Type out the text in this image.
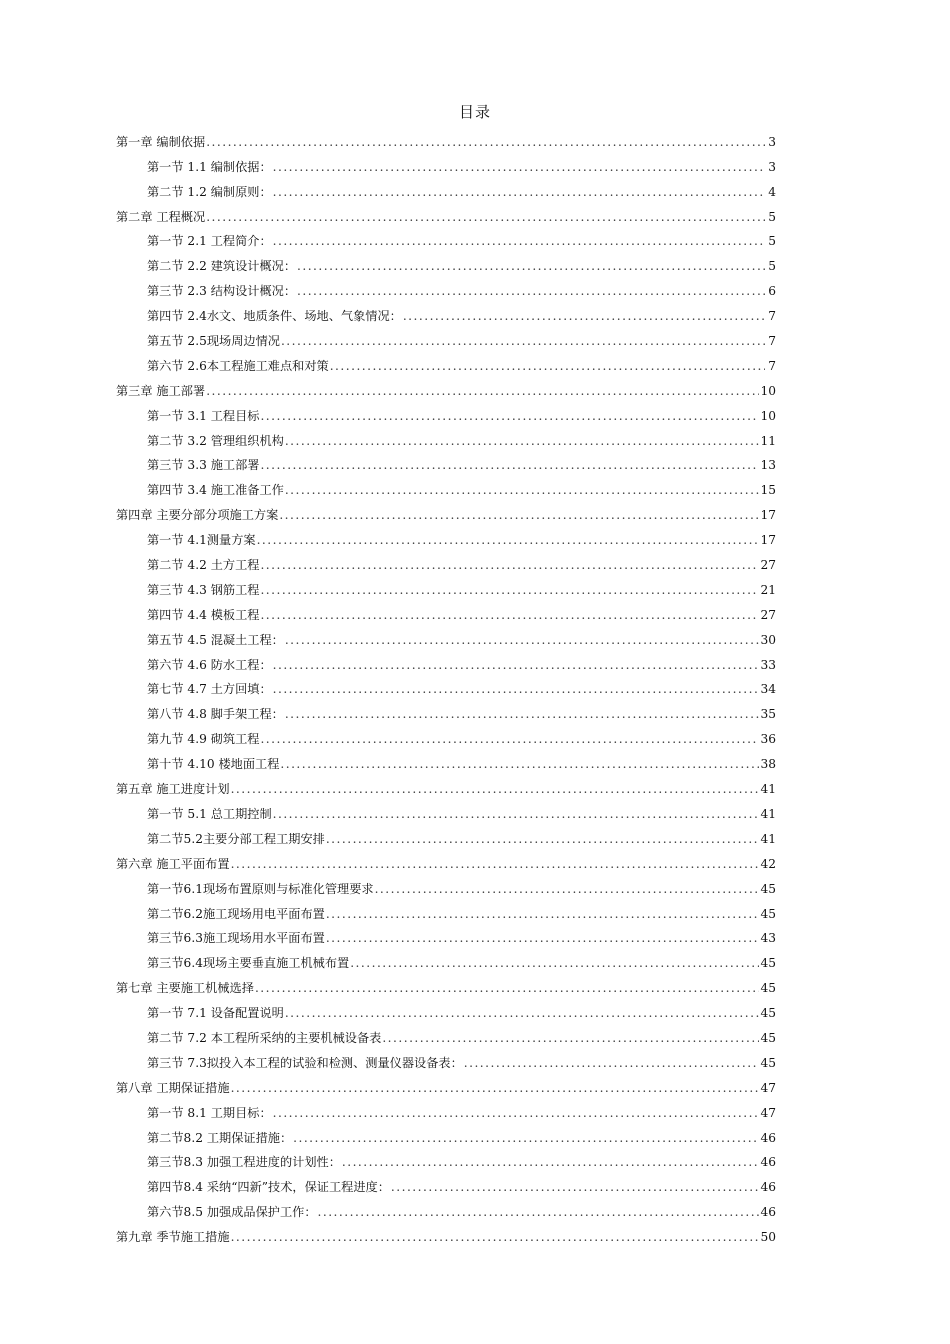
目录
第一章 编制依据 . . .	3
第一节 1.1 编制依据： . . .	3
第二节 1.2 编制原则： . . .	4
第二章 工程概况 . . .	5
第一节 2.1 工程简介： . . .	5
第二节 2.2 建筑设计概况： . . .	5
第三节 2.3 结构设计概况： . . .	6
第四节 2.4水文、地质条件、场地、气象情况： . . .	7
第五节 2.5现场周边情况 . . .	7
第六节 2.6本工程施工难点和对策 . . .	7
第三章 施工部署 . . .	10
第一节 3.1 工程目标 . . .	10
第二节 3.2 管理组织机构 . . .	11
第三节 3.3 施工部署 . . .	13
第四节 3.4 施工准备工作 . . .	15
第四章 主要分部分项施工方案 . . .	17
第一节 4.1测量方案 . . .	17
第二节 4.2 土方工程 . . .	27
第三节 4.3 钢筋工程 . . .	21
第四节 4.4 模板工程 . . .	27
第五节 4.5 混凝土工程： . . .	30
第六节 4.6 防水工程： . . .	33
第七节 4.7 土方回填： . . .	34
第八节 4.8 脚手架工程： . . .	35
第九节 4.9 砌筑工程 . . .	36
第十节 4.10 楼地面工程 . . .	38
第五章 施工进度计划 . . .	41
第一节 5.1 总工期控制 . . .	41
第二节5.2主要分部工程工期安排 . . .	41
第六章 施工平面布置 . . .	42
第一节6.1现场布置原则与标准化管理要求 . . .	45
第二节6.2施工现场用电平面布置 . . .	45
第三节6.3施工现场用水平面布置 . . .	43
第三节6.4现场主要垂直施工机械布置 . . .	45
第七章 主要施工机械选择 . . .	45
第一节 7.1 设备配置说明 . . .	45
第二节 7.2 本工程所采纳的主要机械设备表 . . .	45
第三节 7.3拟投入本工程的试验和检测、测量仪器设备表： . . .	45
第八章 工期保证措施 . . .	47
第一节 8.1 工期目标： . . .	47
第二节8.2 工期保证措施： . . .	46
第三节8.3 加强工程进度的计划性： . . .	46
第四节8.4 采纳“四新”技术，保证工程进度： . . .	46
第六节8.5 加强成品保护工作： . . .	46
第九章 季节施工措施 . . .	50
